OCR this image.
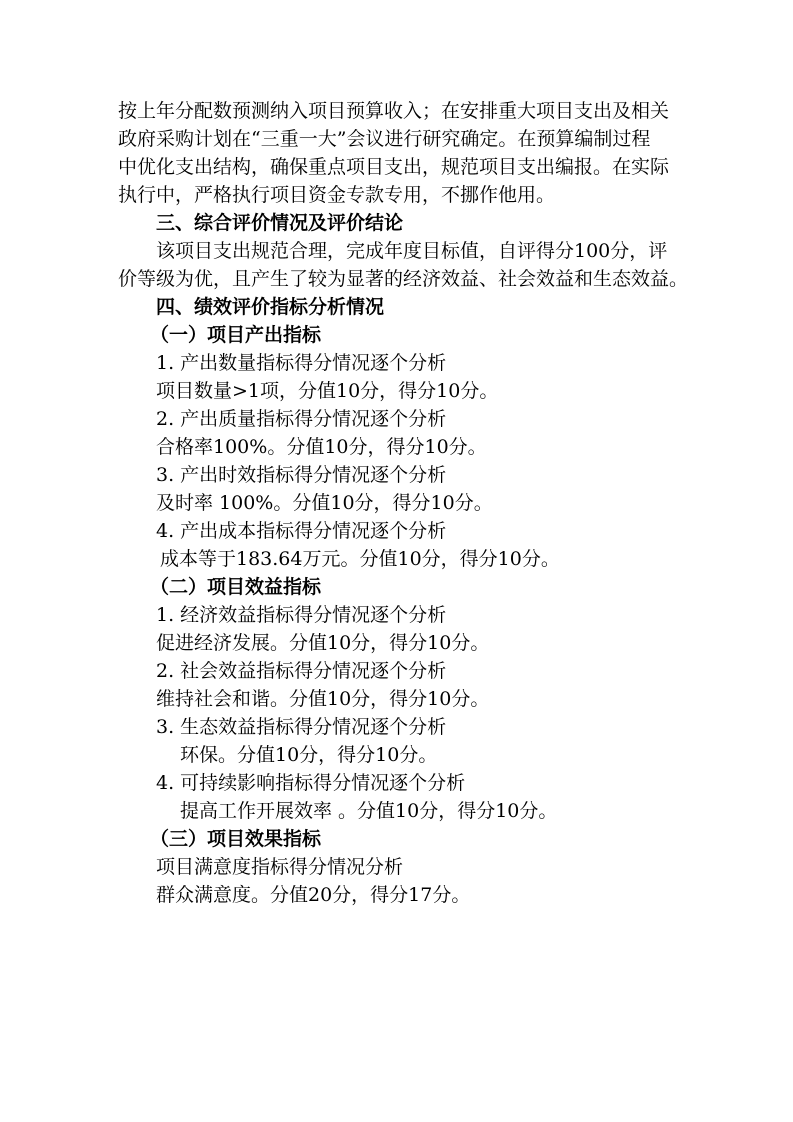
按上年分配数预测纳入项目预算收入；在安排重大项目支出及相关
政府采购计划在“三重一大”会议进行研究确定。在预算编制过程
中优化支出结构，确保重点项目支出，规范项目支出编报。在实际
执行中，严格执行项目资金专款专用，不挪作他用。
三、综合评价情况及评价结论
该项目支出规范合理，完成年度目标值，自评得分100分，评
价等级为优，且产生了较为显著的经济效益、社会效益和生态效益。
四、绩效评价指标分析情况
（一）项目产出指标
1. 产出数量指标得分情况逐个分析
项目数量>1项，分值10分，得分10分。
2. 产出质量指标得分情况逐个分析
合格率100%。分值10分，得分10分。
3. 产出时效指标得分情况逐个分析
及时率 100%。分值10分，得分10分。
4. 产出成本指标得分情况逐个分析
成本等于183.64万元。分值10分，得分10分。
（二）项目效益指标
1. 经济效益指标得分情况逐个分析
促进经济发展。分值10分，得分10分。
2. 社会效益指标得分情况逐个分析
维持社会和谐。分值10分，得分10分。
3. 生态效益指标得分情况逐个分析
环保。分值10分，得分10分。
4. 可持续影响指标得分情况逐个分析
提高工作开展效率 。分值10分，得分10分。
（三）项目效果指标
项目满意度指标得分情况分析
群众满意度。分值20分，得分17分。
